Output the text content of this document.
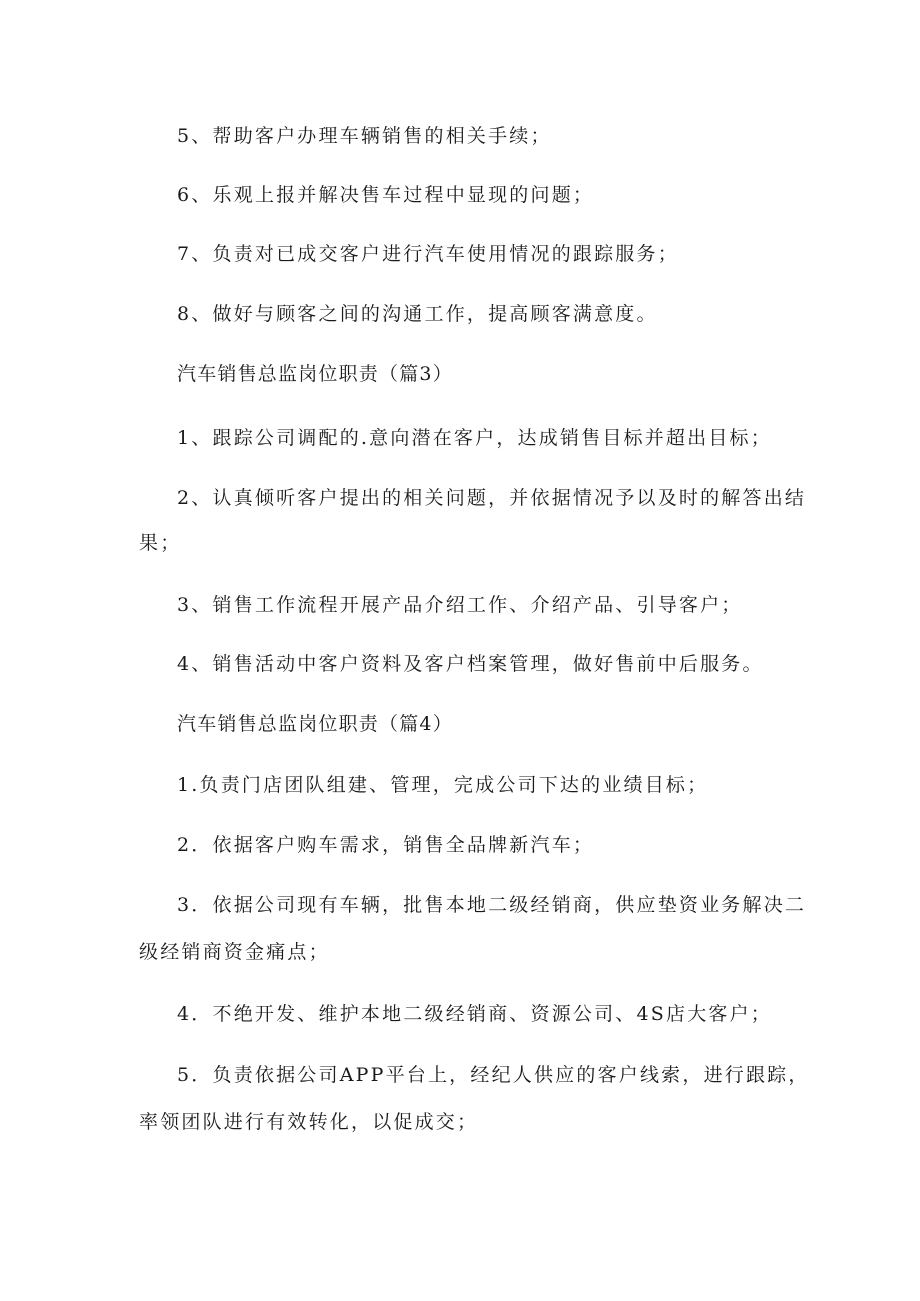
5、帮助客户办理车辆销售的相关手续；
6、乐观上报并解决售车过程中显现的问题；
7、负责对已成交客户进行汽车使用情况的跟踪服务；
8、做好与顾客之间的沟通工作，提高顾客满意度。
汽车销售总监岗位职责（篇3）
1、跟踪公司调配的.意向潜在客户，达成销售目标并超出目标；
2、认真倾听客户提出的相关问题，并依据情况予以及时的解答出结
果；
3、销售工作流程开展产品介绍工作、介绍产品、引导客户；
4、销售活动中客户资料及客户档案管理，做好售前中后服务。
汽车销售总监岗位职责（篇4）
1.负责门店团队组建、管理，完成公司下达的业绩目标；
2．依据客户购车需求，销售全品牌新汽车；
3．依据公司现有车辆，批售本地二级经销商，供应垫资业务解决二
级经销商资金痛点；
4．不绝开发、维护本地二级经销商、资源公司、4S店大客户；
5．负责依据公司APP平台上，经纪人供应的客户线索，进行跟踪，
率领团队进行有效转化，以促成交；
